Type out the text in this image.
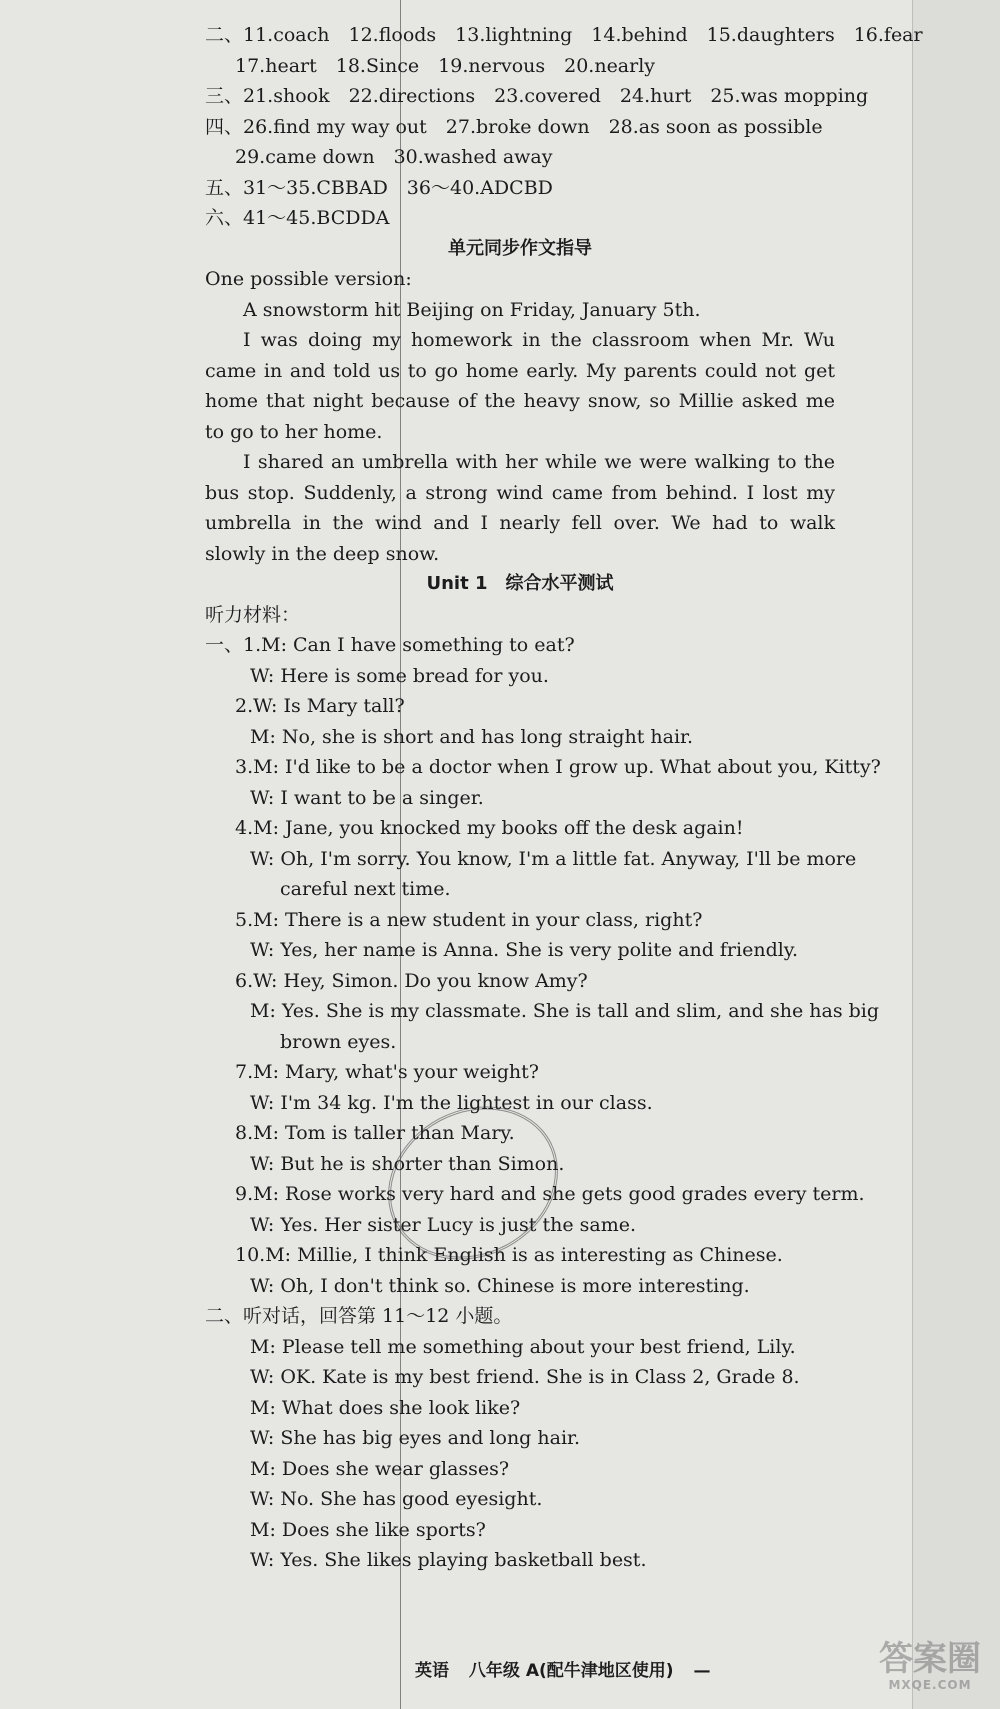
二、11.coach　12.floods　13.lightning　14.behind　15.daughters　16.fear
17.heart　18.Since　19.nervous　20.nearly
三、21.shook　22.directions　23.covered　24.hurt　25.was mopping
四、26.find my way out　27.broke down　28.as soon as possible
29.came down　30.washed away
五、31～35.CBBAD　36～40.ADCBD
六、41～45.BCDDA
单元同步作文指导
One possible version:
A snowstorm hit Beijing on Friday, January 5th.
I was doing my homework in the classroom when Mr. Wu came in and told us to go home early. My parents could not get home that night because of the heavy snow, so Millie asked me to go to her home.
I shared an umbrella with her while we were walking to the bus stop. Suddenly, a strong wind came from behind. I lost my umbrella in the wind and I nearly fell over. We had to walk slowly in the deep snow.
Unit 1　综合水平测试
听力材料：
一、1.M: Can I have something to eat?
W: Here is some bread for you.
2.W: Is Mary tall?
M: No, she is short and has long straight hair.
3.M: I'd like to be a doctor when I grow up. What about you, Kitty?
W: I want to be a singer.
4.M: Jane, you knocked my books off the desk again!
W: Oh, I'm sorry. You know, I'm a little fat. Anyway, I'll be more
careful next time.
5.M: There is a new student in your class, right?
W: Yes, her name is Anna. She is very polite and friendly.
6.W: Hey, Simon. Do you know Amy?
M: Yes. She is my classmate. She is tall and slim, and she has big
brown eyes.
7.M: Mary, what's your weight?
W: I'm 34 kg. I'm the lightest in our class.
8.M: Tom is taller than Mary.
W: But he is shorter than Simon.
9.M: Rose works very hard and she gets good grades every term.
W: Yes. Her sister Lucy is just the same.
10.M: Millie, I think English is as interesting as Chinese.
W: Oh, I don't think so. Chinese is more interesting.
二、听对话，回答第 11～12 小题。
M: Please tell me something about your best friend, Lily.
W: OK. Kate is my best friend. She is in Class 2, Grade 8.
M: What does she look like?
W: She has big eyes and long hair.
M: Does she wear glasses?
W: No. She has good eyesight.
M: Does she like sports?
W: Yes. She likes playing basketball best.
英语 八年级 A(配牛津地区使用) —	答案圈
MXQE.COM
